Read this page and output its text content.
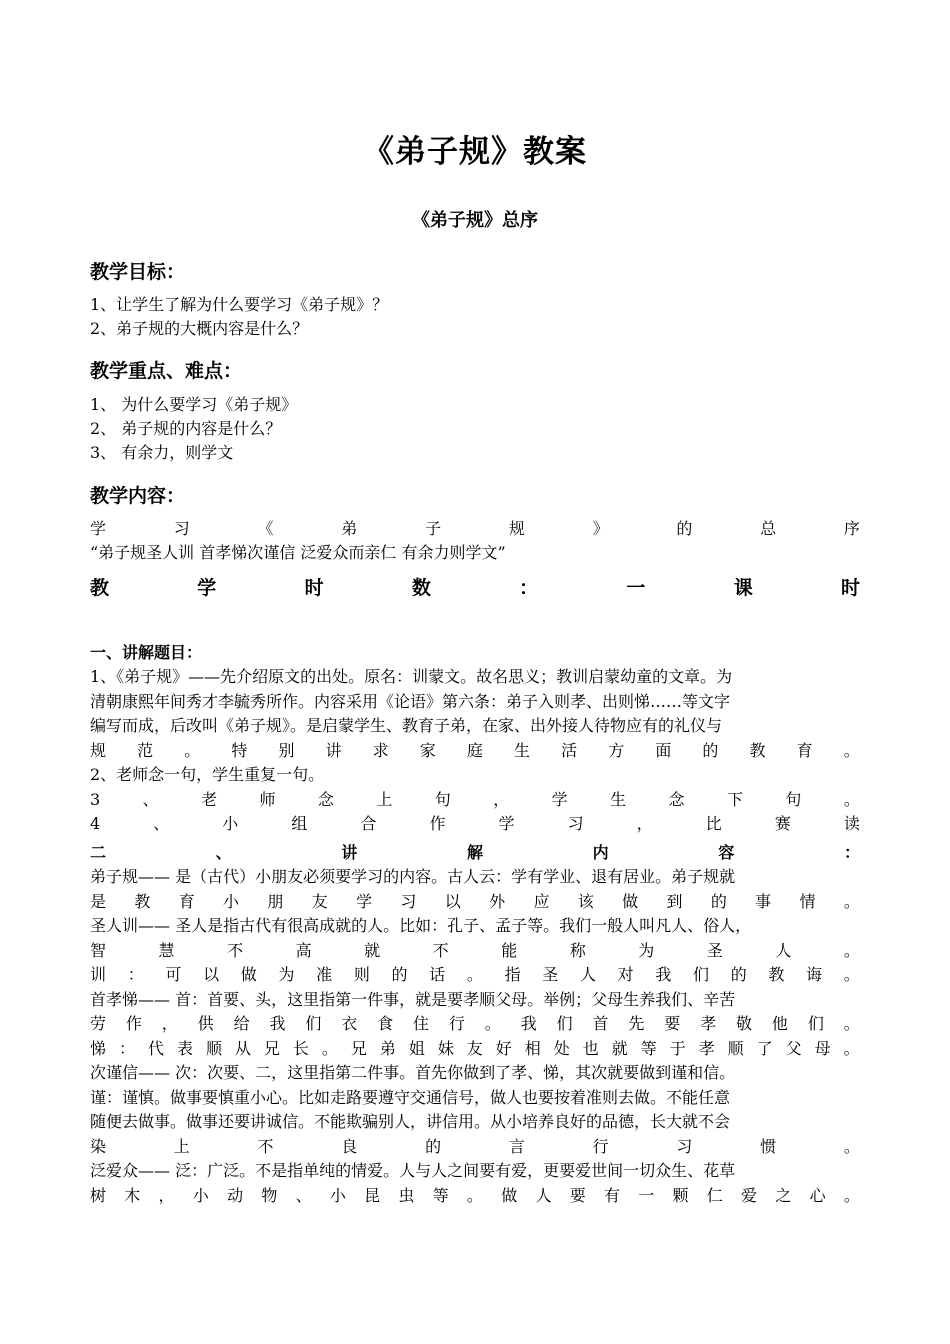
《弟子规》教案
《弟子规》总序
教学目标：
1、让学生了解为什么要学习《弟子规》？
2、弟子规的大概内容是什么？
教学重点、难点：
1、 为什么要学习《弟子规》
2、 弟子规的内容是什么？
3、 有余力，则学文
教学内容：
学	习	《	弟	子	规	》	的	总	序
“弟子规圣人训 首孝悌次谨信 泛爱众而亲仁 有余力则学文”
教	学	时	数	：	一	课	时
一、讲解题目：
1、《弟子规》——先介绍原文的出处。原名：训蒙文。故名思义；教训启蒙幼童的文章。为
清朝康熙年间秀才李毓秀所作。内容采用《论语》第六条：弟子入则孝、出则悌……等文字
编写而成，后改叫《弟子规》。是启蒙学生、教育子弟，在家、出外接人待物应有的礼仪与
规 范 。 特 别 讲 求 家 庭 生 活 方 面 的 教 育 。
2、老师念一句，学生重复一句。
3	、	老	师	念	上	句	，	学	生	念	下	句	。
4	、	小	组	合	作	学	习	，	比	赛	读
二	、	讲	解	内	容	：
弟子规—— 是（古代）小朋友必须要学习的内容。古人云：学有学业、退有居业。弟子规就
是 教 育 小 朋 友 学 习 以 外 应 该 做 到 的 事 情 。
圣人训—— 圣人是指古代有很高成就的人。比如：孔子、孟子等。我们一般人叫凡人、俗人，
智	慧	不	高	就	不	能	称	为	圣	人	。
训 ： 可 以 做 为 准 则 的 话 。 指 圣 人 对 我 们 的 教 诲 。
首孝悌—— 首：首要、头，这里指第一件事，就是要孝顺父母。举例；父母生养我们、辛苦
劳 作 ， 供 给 我 们 衣 食 住 行 。 我 们 首 先 要 孝 敬 他 们 。
悌 ： 代 表 顺 从 兄 长 。 兄 弟 姐 妹 友 好 相 处 也 就 等 于 孝 顺 了 父 母 。
次谨信—— 次：次要、二，这里指第二件事。首先你做到了孝、悌，其次就要做到谨和信。
谨：谨慎。做事要慎重小心。比如走路要遵守交通信号，做人也要按着准则去做。不能任意
随便去做事。做事还要讲诚信。不能欺骗别人，讲信用。从小培养良好的品德，长大就不会
染	上	不	良	的	言	行	习	惯	。
泛爱众—— 泛：广泛。不是指单纯的情爱。人与人之间要有爱，更要爱世间一切众生、花草
树 木 ， 小 动 物 、 小 昆 虫 等 。 做 人 要 有 一 颗 仁 爱 之 心 。
